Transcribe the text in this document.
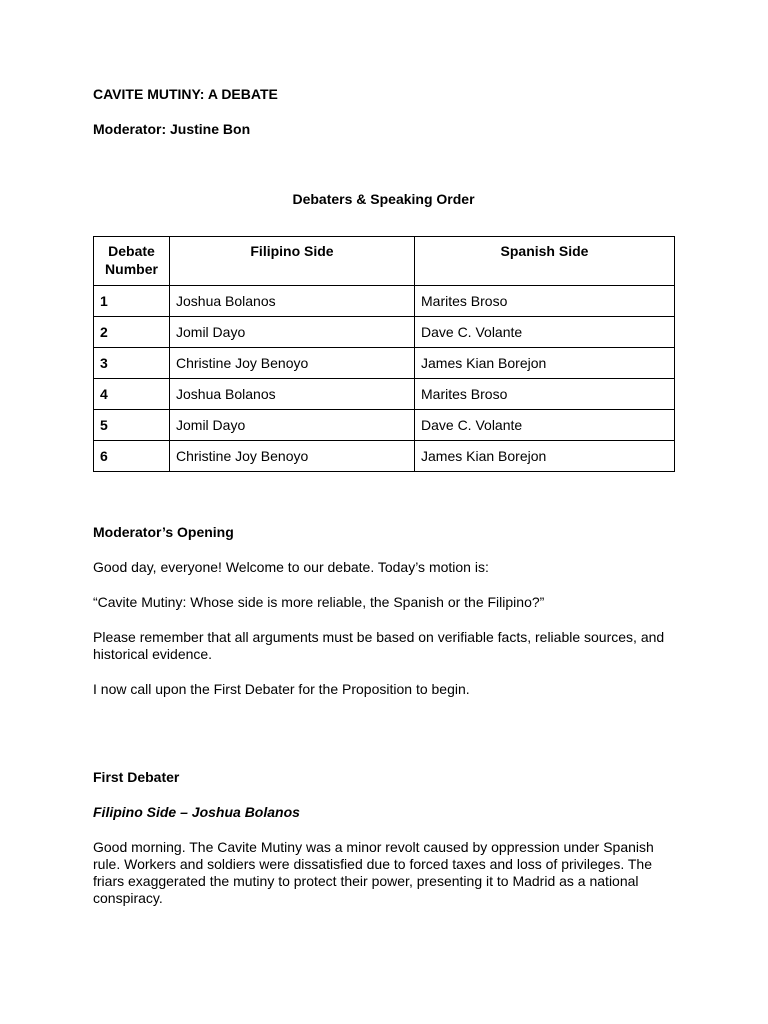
CAVITE MUTINY: A DEBATE

Moderator: Justine Bon

Debaters & Speaking Order

Debate Number	Filipino Side	Spanish Side
1	Joshua Bolanos	Marites Broso
2	Jomil Dayo	Dave C. Volante
3	Christine Joy Benoyo	James Kian Borejon
4	Joshua Bolanos	Marites Broso
5	Jomil Dayo	Dave C. Volante
6	Christine Joy Benoyo	James Kian Borejon

Moderator’s Opening

Good day, everyone! Welcome to our debate. Today’s motion is:

“Cavite Mutiny: Whose side is more reliable, the Spanish or the Filipino?”

Please remember that all arguments must be based on verifiable facts, reliable sources, and historical evidence.

I now call upon the First Debater for the Proposition to begin.

First Debater

Filipino Side – Joshua Bolanos

Good morning. The Cavite Mutiny was a minor revolt caused by oppression under Spanish rule. Workers and soldiers were dissatisfied due to forced taxes and loss of privileges. The friars exaggerated the mutiny to protect their power, presenting it to Madrid as a national conspiracy.
